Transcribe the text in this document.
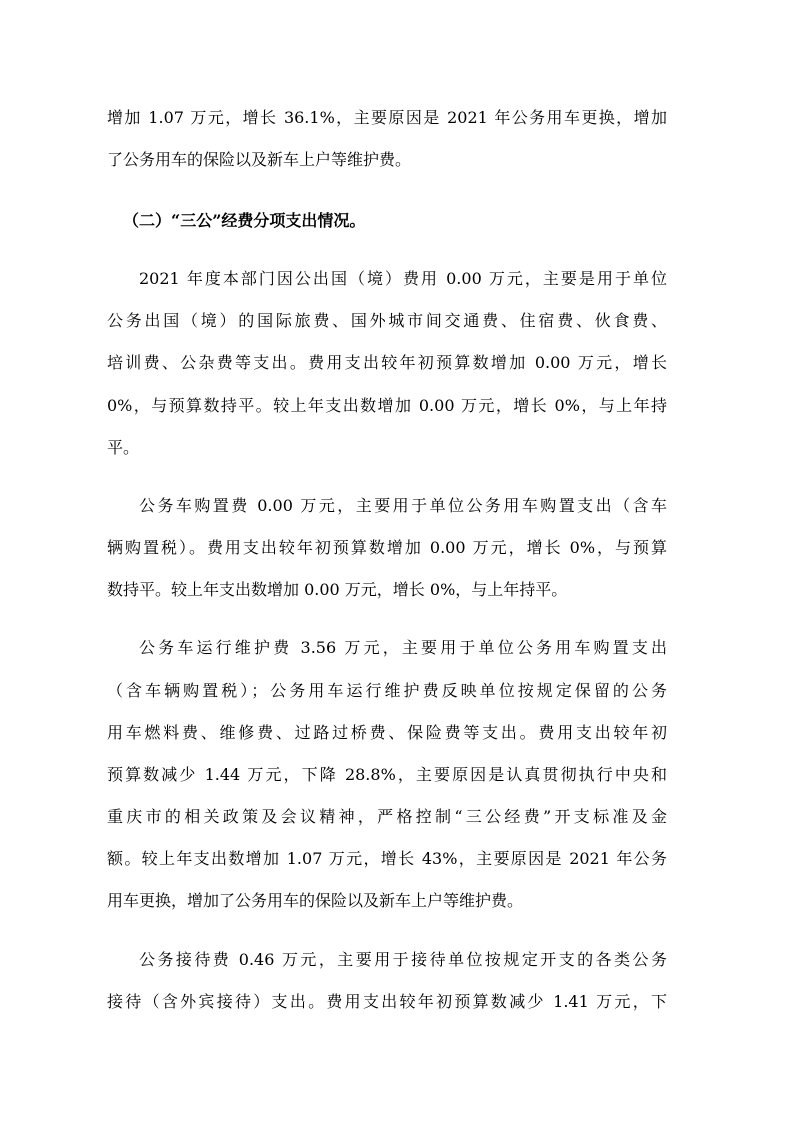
增加 1.07 万元，增长 36.1%，主要原因是 2021 年公务用车更换，增加
了公务用车的保险以及新车上户等维护费。
（二）“三公”经费分项支出情况。
2021 年度本部门因公出国（境）费用 0.00 万元，主要是用于单位
公务出国（境）的国际旅费、国外城市间交通费、住宿费、伙食费、
培训费、公杂费等支出。费用支出较年初预算数增加 0.00 万元，增长
0%，与预算数持平。较上年支出数增加 0.00 万元，增长 0%，与上年持
平。
公务车购置费 0.00 万元，主要用于单位公务用车购置支出（含车
辆购置税）。费用支出较年初预算数增加 0.00 万元，增长 0%，与预算
数持平。较上年支出数增加 0.00 万元，增长 0%，与上年持平。
公务车运行维护费 3.56 万元，主要用于单位公务用车购置支出
（含车辆购置税）；公务用车运行维护费反映单位按规定保留的公务
用车燃料费、维修费、过路过桥费、保险费等支出。费用支出较年初
预算数减少 1.44 万元，下降 28.8%，主要原因是认真贯彻执行中央和
重庆市的相关政策及会议精神，严格控制“三公经费”开支标准及金
额。较上年支出数增加 1.07 万元，增长 43%，主要原因是 2021 年公务
用车更换，增加了公务用车的保险以及新车上户等维护费。
公务接待费 0.46 万元，主要用于接待单位按规定开支的各类公务
接待（含外宾接待）支出。费用支出较年初预算数减少 1.41 万元，下
